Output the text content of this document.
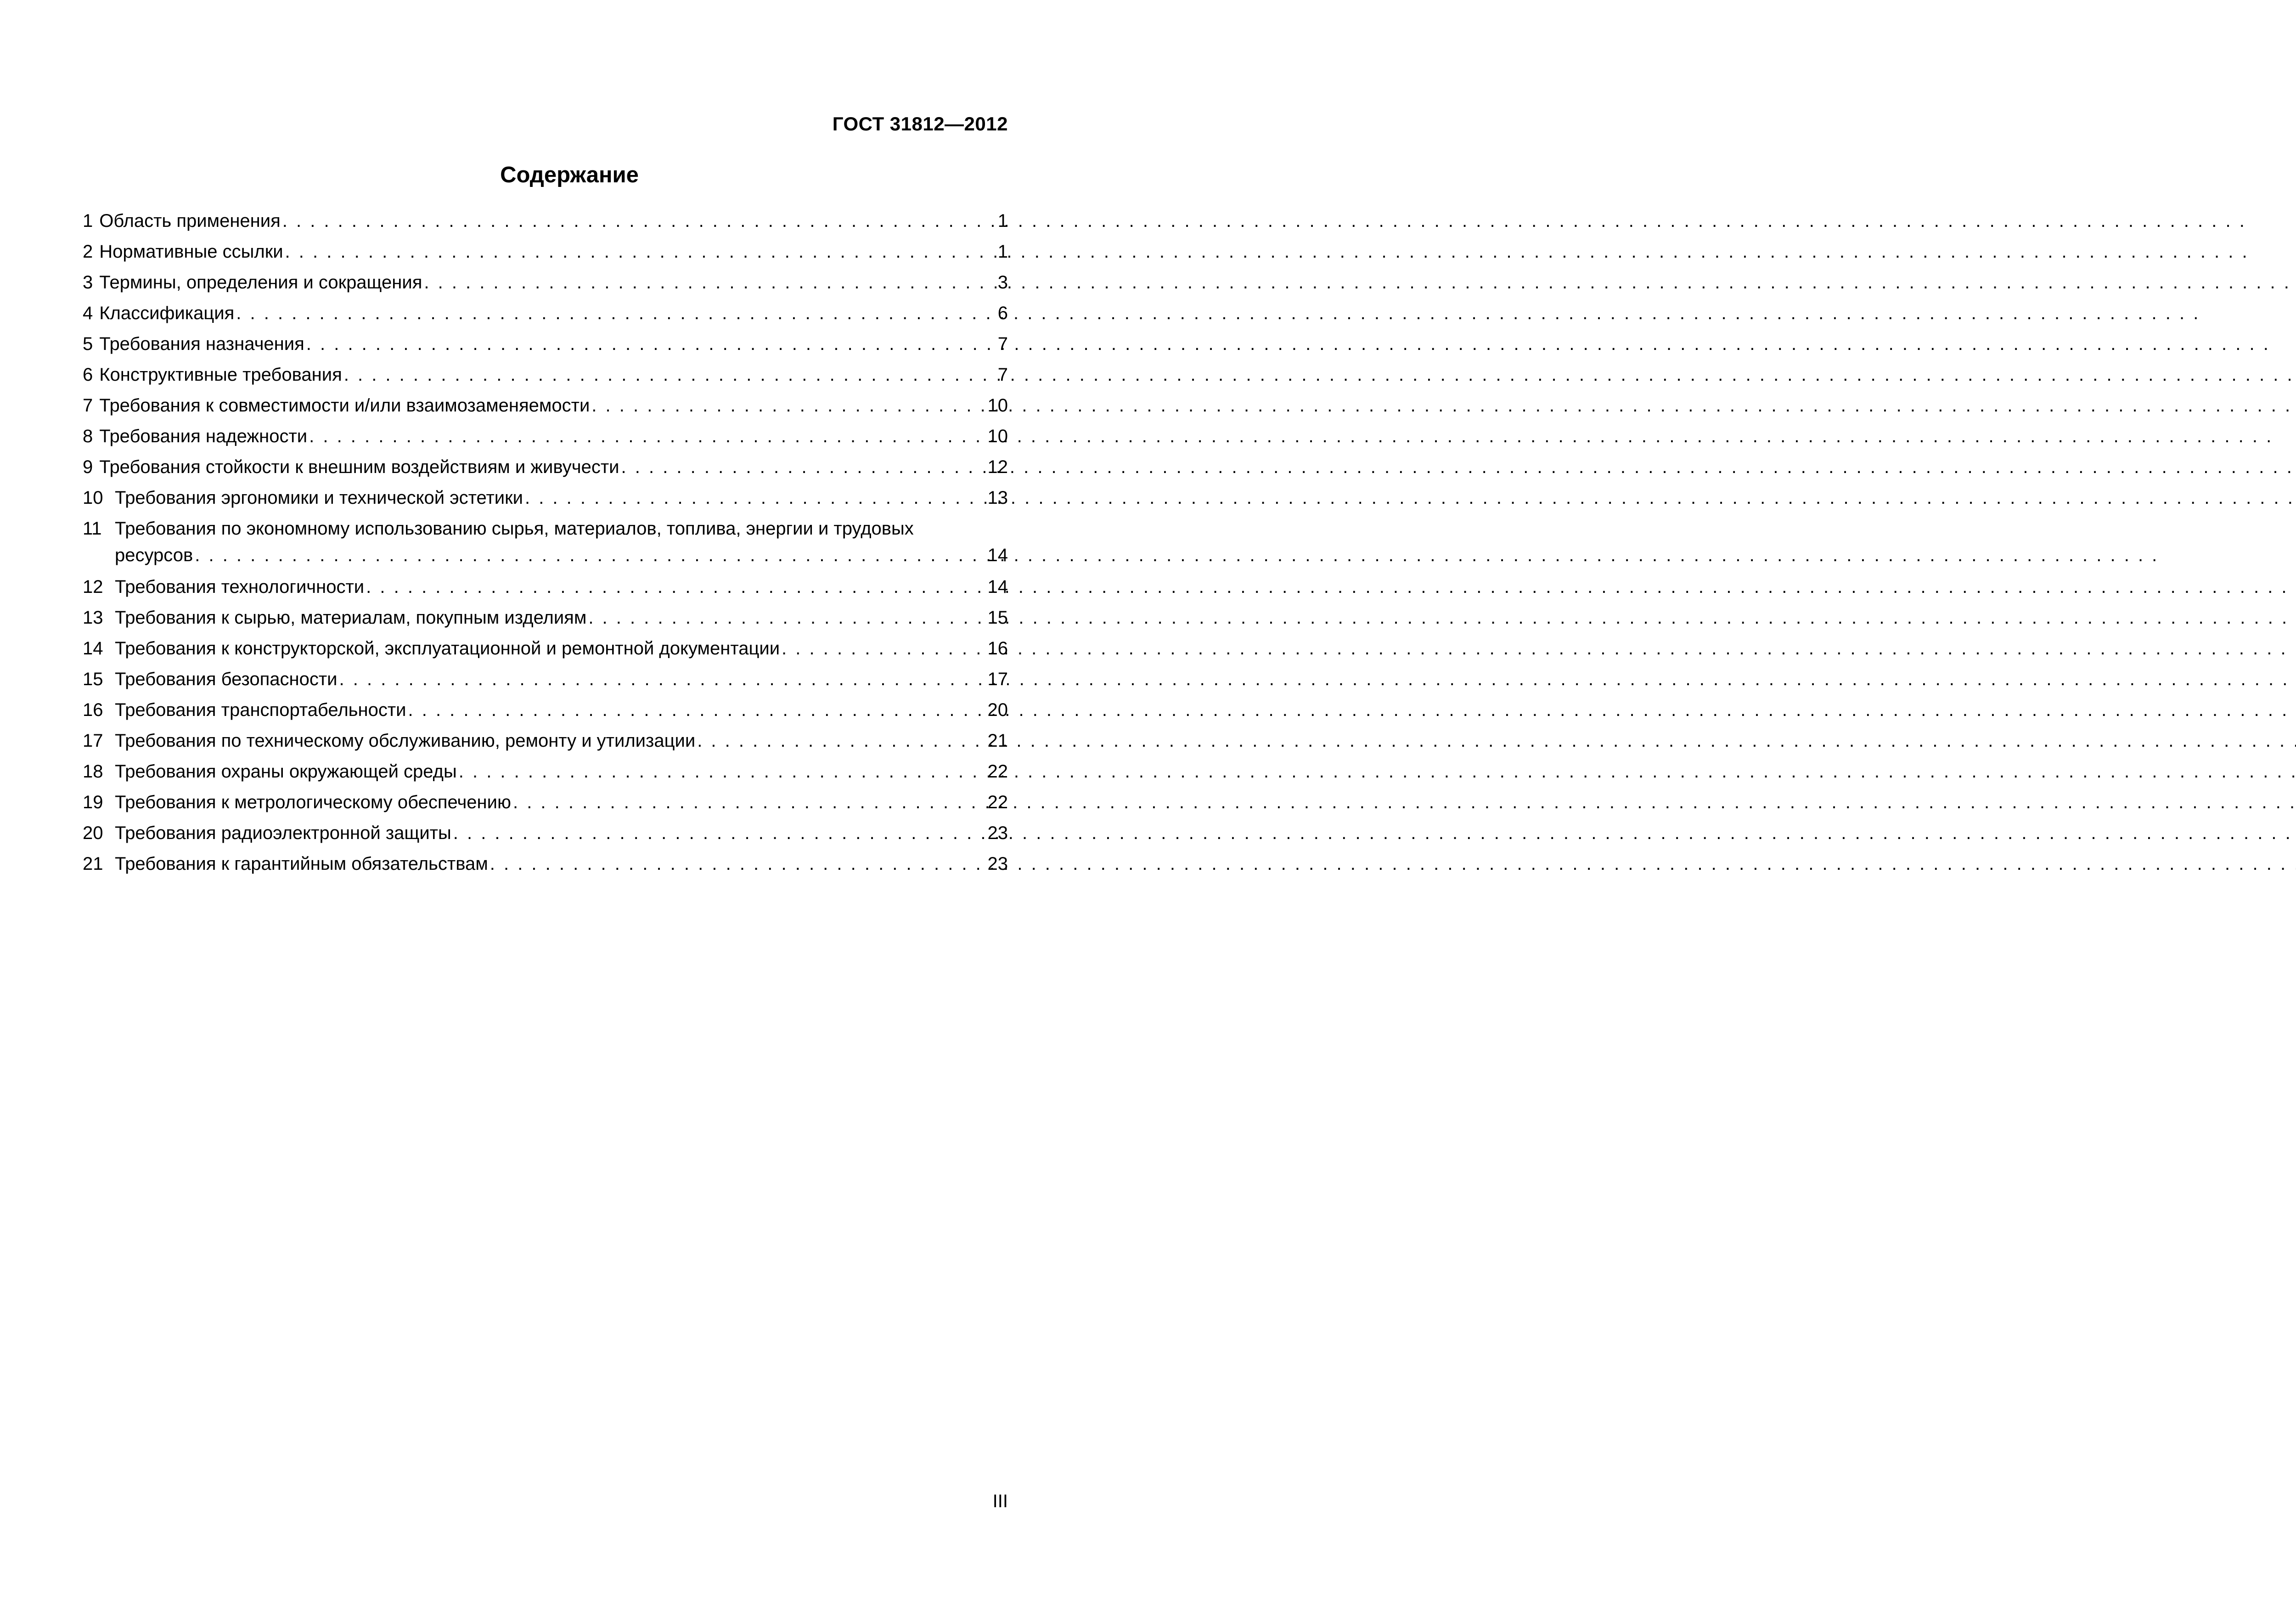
ГОСТ 31812—2012
Содержание
1 Область применения . . .	1
2 Нормативные ссылки . . .	1
3 Термины, определения и сокращения . . .	3
4 Классификация . . .	6
5 Требования назначения . . .	7
6 Конструктивные требования . . .	7
7 Требования к совместимости и/или взаимозаменяемости . . .	10
8 Требования надежности . . .	10
9 Требования стойкости к внешним воздействиям и живучести . . .	12
10 Требования эргономики и технической эстетики . . .	13
11 Требования по экономному использованию сырья, материалов, топлива, энергии и трудовых
ресурсов . . .	14
12 Требования технологичности . . .	14
13 Требования к сырью, материалам, покупным изделиям . . .	15
14 Требования к конструкторской, эксплуатационной и ремонтной документации . . .	16
15 Требования безопасности . . .	17
16 Требования транспортабельности . . .	20
17 Требования по техническому обслуживанию, ремонту и утилизации . . .	21
18 Требования охраны окружающей среды . . .	22
19 Требования к метрологическому обеспечению . . .	22
20 Требования радиоэлектронной защиты . . .	23
21 Требования к гарантийным обязательствам . . .	23
III
